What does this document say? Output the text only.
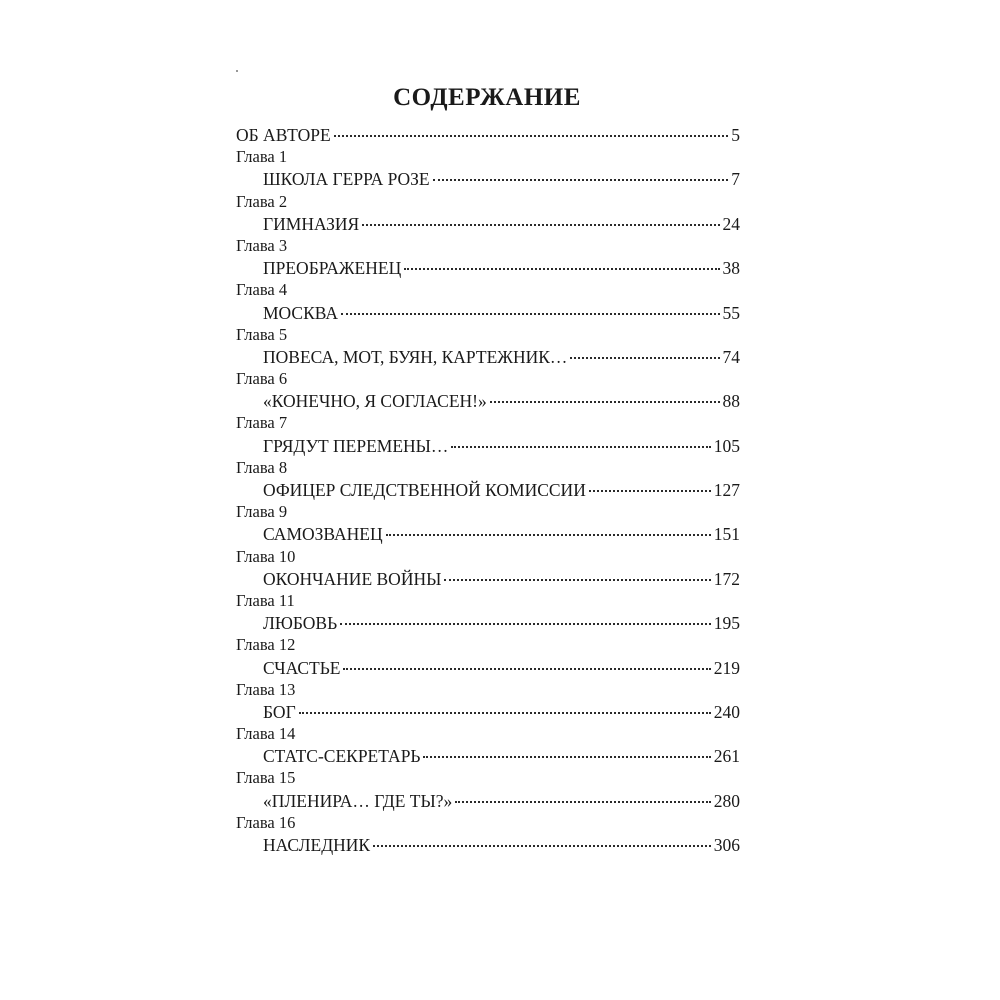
СОДЕРЖАНИЕ
ОБ АВТОРЕ	5
Глава 1
ШКОЛА ГЕРРА РОЗЕ	7
Глава 2
ГИМНАЗИЯ	24
Глава 3
ПРЕОБРАЖЕНЕЦ	38
Глава 4
МОСКВА	55
Глава 5
ПОВЕСА, МОТ, БУЯН, КАРТЕЖНИК…	74
Глава 6
«КОНЕЧНО, Я СОГЛАСЕН!»	88
Глава 7
ГРЯДУТ ПЕРЕМЕНЫ…	105
Глава 8
ОФИЦЕР СЛЕДСТВЕННОЙ КОМИССИИ	127
Глава 9
САМОЗВАНЕЦ	151
Глава 10
ОКОНЧАНИЕ ВОЙНЫ	172
Глава 11
ЛЮБОВЬ	195
Глава 12
СЧАСТЬЕ	219
Глава 13
БОГ	240
Глава 14
СТАТС-СЕКРЕТАРЬ	261
Глава 15
«ПЛЕНИРА… ГДЕ ТЫ?»	280
Глава 16
НАСЛЕДНИК	306
